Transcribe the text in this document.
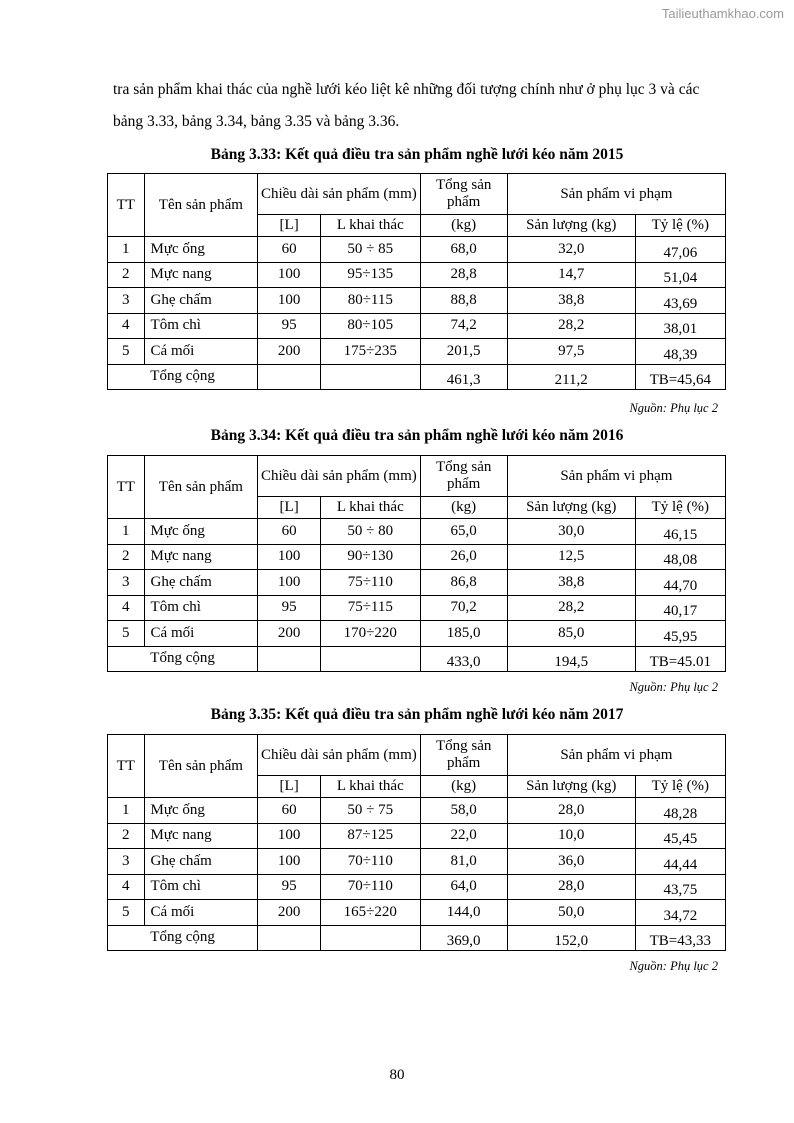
Tailieuthamkhao.com
tra sản phẩm khai thác của nghề lưới kéo liệt kê những đối tượng chính như ở phụ lục 3 và các bảng 3.33, bảng 3.34, bảng 3.35 và bảng 3.36.
Bảng 3.33: Kết quả điều tra sản phẩm nghề lưới kéo năm 2015
TT	Tên sản phẩm	Chiều dài sản phẩm (mm)		Tổng sản phẩm	Sản phẩm vi phạm	
		[L]	L khai thác	(kg)	Sản lượng (kg)	Tỷ lệ (%)
1	Mực ống	60	50 ÷ 85	68,0	32,0	47,06
2	Mực nang	100	95÷135	28,8	14,7	51,04
3	Ghẹ chấm	100	80÷115	88,8	38,8	43,69
4	Tôm chì	95	80÷105	74,2	28,2	38,01
5	Cá mối	200	175÷235	201,5	97,5	48,39
Tổng cộng				461,3	211,2	TB=45,64
Nguồn: Phụ lục 2
Bảng 3.34: Kết quả điều tra sản phẩm nghề lưới kéo năm 2016
TT	Tên sản phẩm	Chiều dài sản phẩm (mm)		Tổng sản phẩm	Sản phẩm vi phạm	
		[L]	L khai thác	(kg)	Sản lượng (kg)	Tỷ lệ (%)
1	Mực ống	60	50 ÷ 80	65,0	30,0	46,15
2	Mực nang	100	90÷130	26,0	12,5	48,08
3	Ghẹ chấm	100	75÷110	86,8	38,8	44,70
4	Tôm chì	95	75÷115	70,2	28,2	40,17
5	Cá mối	200	170÷220	185,0	85,0	45,95
Tổng cộng				433,0	194,5	TB=45.01
Nguồn: Phụ lục 2
Bảng 3.35: Kết quả điều tra sản phẩm nghề lưới kéo năm 2017
TT	Tên sản phẩm	Chiều dài sản phẩm (mm)		Tổng sản phẩm	Sản phẩm vi phạm	
		[L]	L khai thác	(kg)	Sản lượng (kg)	Tỷ lệ (%)
1	Mực ống	60	50 ÷ 75	58,0	28,0	48,28
2	Mực nang	100	87÷125	22,0	10,0	45,45
3	Ghẹ chấm	100	70÷110	81,0	36,0	44,44
4	Tôm chì	95	70÷110	64,0	28,0	43,75
5	Cá mối	200	165÷220	144,0	50,0	34,72
Tổng cộng				369,0	152,0	TB=43,33
Nguồn: Phụ lục 2
80
